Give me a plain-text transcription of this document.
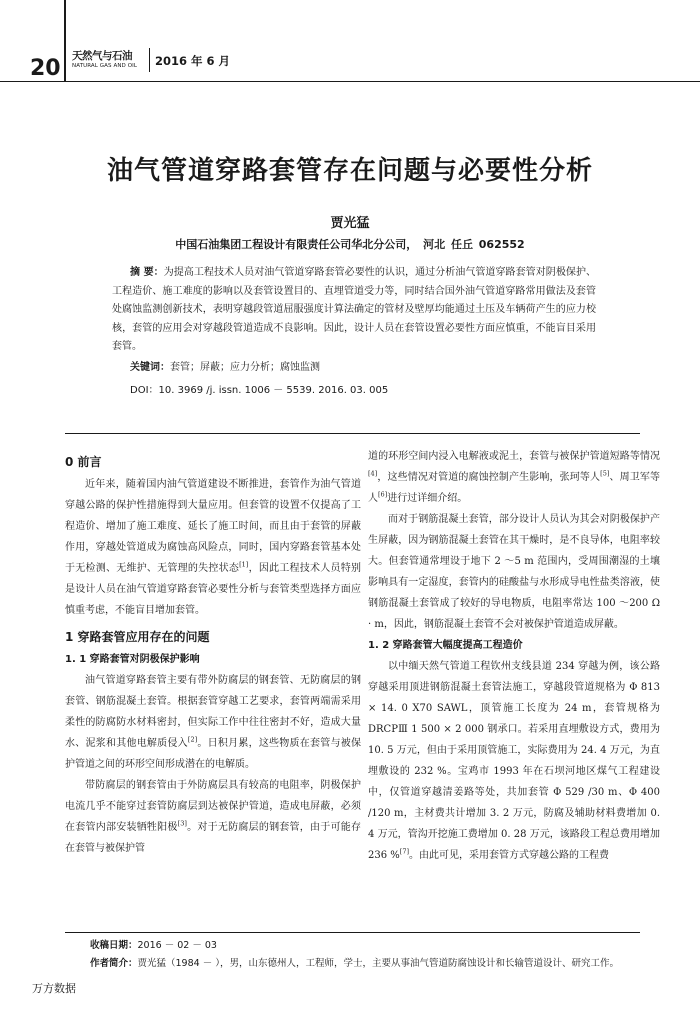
20 天然气与石油
NATURAL GAS AND OIL 2016 年 6 月
油气管道穿路套管存在问题与必要性分析
贾光猛
中国石油集团工程设计有限责任公司华北分公司， 河北 任丘 062552
摘 要：为提高工程技术人员对油气管道穿路套管必要性的认识，通过分析油气管道穿路套管对阴极保护、工程造价、施工难度的影响以及套管设置目的、直埋管道受力等，同时结合国外油气管道穿路常用做法及套管处腐蚀监测创新技术，表明穿越段管道屈服强度计算法确定的管材及壁厚均能通过土压及车辆荷产生的应力校核，套管的应用会对穿越段管道造成不良影响。因此，设计人员在套管设置必要性方面应慎重，不能盲目采用套管。
关键词：套管；屏蔽；应力分析；腐蚀监测
DOI：10. 3969 /j. issn. 1006 － 5539. 2016. 03. 005
0 前言

近年来，随着国内油气管道建设不断推进，套管作为油气管道穿越公路的保护性措施得到大量应用。但套管的设置不仅提高了工程造价、增加了施工难度、延长了施工时间，而且由于套管的屏蔽作用，穿越处管道成为腐蚀高风险点，同时，国内穿路套管基本处于无检测、无维护、无管理的失控状态[1]，因此工程技术人员特别是设计人员在油气管道穿路套管必要性分析与套管类型选择方面应慎重考虑，不能盲目增加套管。

1 穿路套管应用存在的问题
1. 1 穿路套管对阴极保护影响

油气管道穿路套管主要有带外防腐层的钢套管、无防腐层的钢套管、钢筋混凝土套管。根据套管穿越工艺要求，套管两端需采用柔性的防腐防水材料密封，但实际工作中往往密封不好，造成大量水、泥浆和其他电解质侵入[2]。日积月累，这些物质在套管与被保护管道之间的环形空间形成潜在的电解质。

带防腐层的钢套管由于外防腐层具有较高的电阻率，阴极保护电流几乎不能穿过套管防腐层到达被保护管道，造成电屏蔽，必须在套管内部安装牺牲阳极[3]。对于无防腐层的钢套管，由于可能存在套管与被保护管

道的环形空间内浸入电解液或泥土，套管与被保护管道短路等情况[4]，这些情况对管道的腐蚀控制产生影响，张珂等人[5]、周卫军等人[6]进行过详细介绍。

而对于钢筋混凝土套管，部分设计人员认为其会对阴极保护产生屏蔽，因为钢筋混凝土套管在其干燥时，是不良导体，电阻率较大。但套管通常埋设于地下 2 ～5 m 范围内，受周围潮湿的土壤影响具有一定湿度，套管内的硅酸盐与水形成导电性盐类溶液，使钢筋混凝土套管成了较好的导电物质，电阻率常达 100 ～200 Ω · m，因此，钢筋混凝土套管不会对被保护管道造成屏蔽。

1. 2 穿路套管大幅度提高工程造价

以中缅天然气管道工程钦州支线县道 234 穿越为例，该公路穿越采用顶进钢筋混凝土套管法施工，穿越段管道规格为 Φ 813 × 14. 0 X70 SAWL，顶管施工长度为 24 m，套管规格为 DRCPⅢ 1 500 × 2 000 钢承口。若采用直埋敷设方式，费用为 10. 5 万元，但由于采用顶管施工，实际费用为 24. 4 万元，为直埋敷设的 232 %。宝鸡市 1993 年在石坝河地区煤气工程建设中，仅管道穿越清姜路等处，共加套管 Φ 529 /30 m、Φ 400 /120 m，主材费共计增加 3. 2 万元，防腐及辅助材料费增加 0. 4 万元，管沟开挖施工费增加 0. 28 万元，该路段工程总费用增加 236 %[7]。由此可见，采用套管方式穿越公路的工程费

收稿日期：2016 － 02 － 03
作者简介：贾光猛（1984 － ），男，山东德州人，工程师，学士，主要从事油气管道防腐蚀设计和长输管道设计、研究工作。
万方数据
